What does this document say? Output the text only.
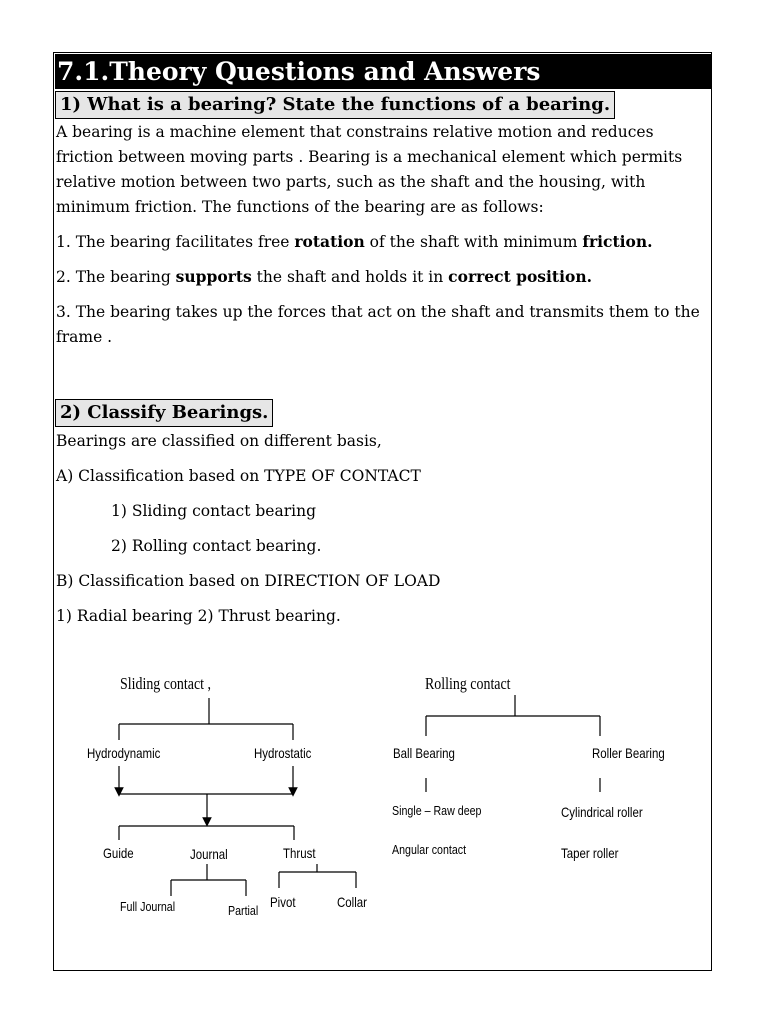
7.1.Theory Questions and Answers
1) What is a bearing? State the functions of a bearing.

A bearing is a machine element that constrains relative motion and reduces friction between moving parts . Bearing is a mechanical element which permits relative motion between two parts, such as the shaft and the housing, with minimum friction. The functions of the bearing are as follows:

1. The bearing facilitates free rotation of the shaft with minimum friction.
2. The bearing supports the shaft and holds it in correct position.

3. The bearing takes up the forces that act on the shaft and transmits them to the frame .

2) Classify Bearings.
Bearings are classified on different basis,
A) Classification based on TYPE OF CONTACT
1) Sliding contact bearing
2) Rolling contact bearing.
B) Classification based on DIRECTION OF LOAD
1) Radial bearing 2) Thrust bearing.
Sliding contact ,
Hydrodynamic	Hydrostatic
Guide	Journal	Thrust
Full Journal	Partial
Pivot	Collar
Rolling contact
Ball Bearing	Roller Bearing
Single – Raw deep
Angular contact
Cylindrical roller
Taper roller
